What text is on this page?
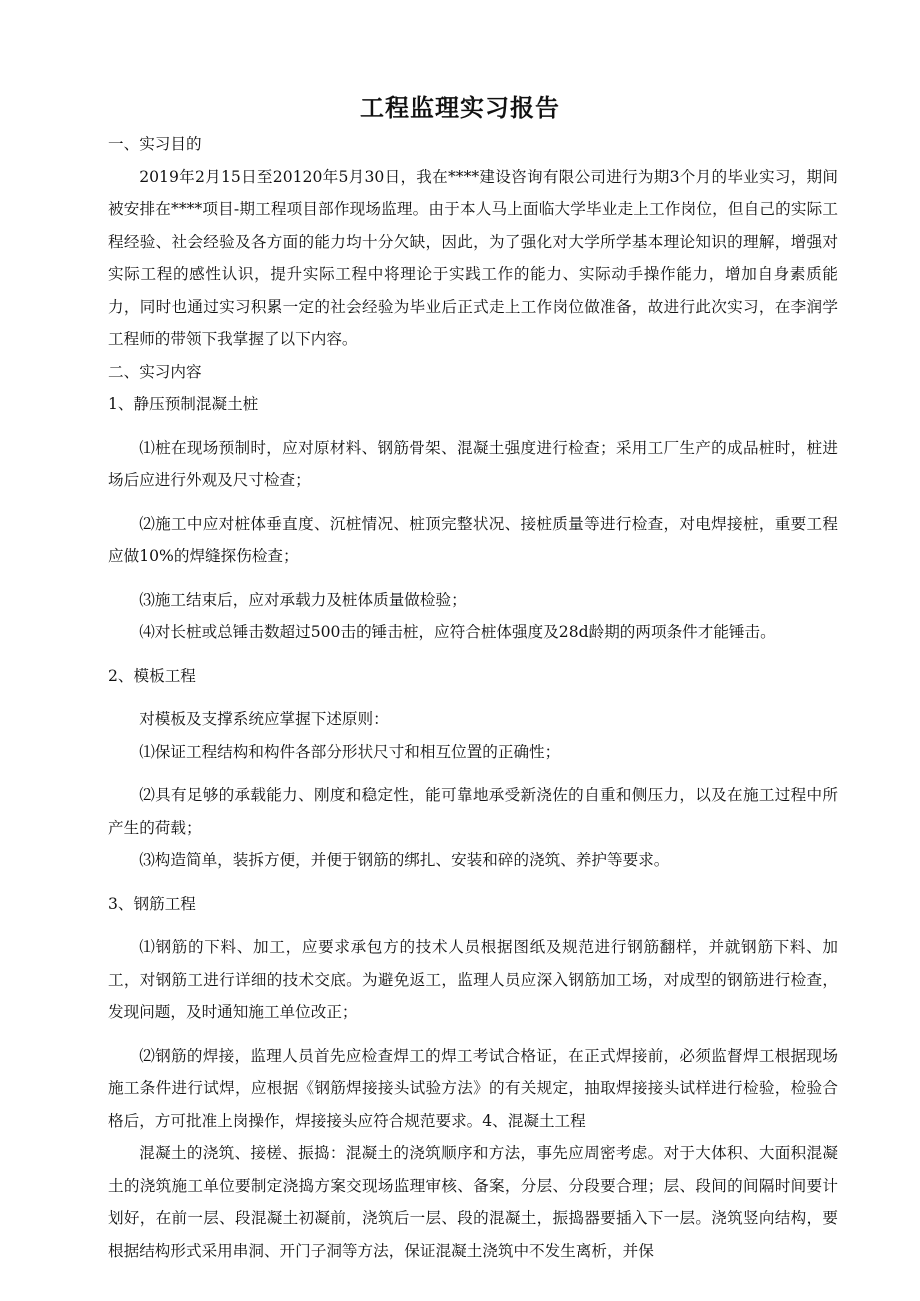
工程监理实习报告

一、实习目的

2019年2月15日至20120年5月30日，我在****建设咨询有限公司进行为期3个月的毕业实习，期间被安排在****项目-期工程项目部作现场监理。由于本人马上面临大学毕业走上工作岗位，但自己的实际工程经验、社会经验及各方面的能力均十分欠缺，因此，为了强化对大学所学基本理论知识的理解，增强对实际工程的感性认识，提升实际工程中将理论于实践工作的能力、实际动手操作能力，增加自身素质能力，同时也通过实习积累一定的社会经验为毕业后正式走上工作岗位做准备，故进行此次实习，在李润学工程师的带领下我掌握了以下内容。

二、实习内容

1、静压预制混凝土桩

⑴桩在现场预制时，应对原材料、钢筋骨架、混凝土强度进行检查；采用工厂生产的成品桩时，桩进场后应进行外观及尺寸检查；

⑵施工中应对桩体垂直度、沉桩情况、桩顶完整状况、接桩质量等进行检查，对电焊接桩，重要工程应做10%的焊缝探伤检查；

⑶施工结束后，应对承载力及桩体质量做检验；

⑷对长桩或总锤击数超过500击的锤击桩，应符合桩体强度及28d龄期的两项条件才能锤击。

2、模板工程

对模板及支撑系统应掌握下述原则：

⑴保证工程结构和构件各部分形状尺寸和相互位置的正确性；

⑵具有足够的承载能力、刚度和稳定性，能可靠地承受新浇佐的自重和侧压力，以及在施工过程中所产生的荷载；

⑶构造简单，装拆方便，并便于钢筋的绑扎、安装和碎的浇筑、养护等要求。

3、钢筋工程

⑴钢筋的下料、加工，应要求承包方的技术人员根据图纸及规范进行钢筋翻样，并就钢筋下料、加工，对钢筋工进行详细的技术交底。为避免返工，监理人员应深入钢筋加工场，对成型的钢筋进行检查，发现问题，及时通知施工单位改正；

⑵钢筋的焊接，监理人员首先应检查焊工的焊工考试合格证，在正式焊接前，必须监督焊工根据现场施工条件进行试焊，应根据《钢筋焊接接头试验方法》的有关规定，抽取焊接接头试样进行检验，检验合格后，方可批准上岗操作，焊接接头应符合规范要求。4、混凝土工程

混凝土的浇筑、接槎、振捣：混凝土的浇筑顺序和方法，事先应周密考虑。对于大体积、大面积混凝土的浇筑施工单位要制定浇捣方案交现场监理审核、备案，分层、分段要合理；层、段间的间隔时间要计划好，在前一层、段混凝土初凝前，浇筑后一层、段的混凝土，振捣器要插入下一层。浇筑竖向结构，要根据结构形式采用串洞、开门子洞等方法，保证混凝土浇筑中不发生离析，并保
